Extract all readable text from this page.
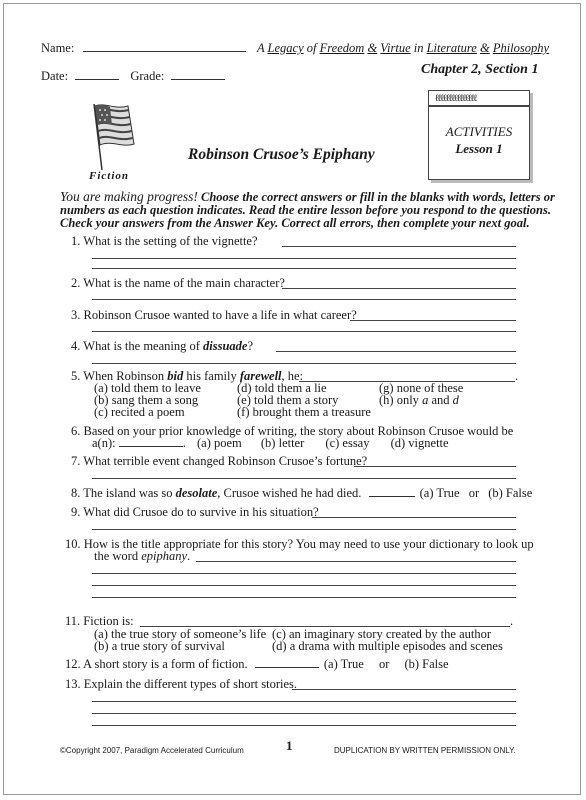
Name:	A Legacy of Freedom & Virtue in Literature & Philosophy
Date:	Grade:	Chapter 2, Section 1
ℓℓℓℓℓℓℓℓℓℓℓℓℓℓℓ
ACTIVITIES
Lesson 1
Fiction
Robinson Crusoe’s Epiphany
You are making progress! Choose the correct answers or fill in the blanks with words, letters or
numbers as each question indicates. Read the entire lesson before you respond to the questions.
Check your answers from the Answer Key. Correct all errors, then complete your next goal.
1. What is the setting of the vignette?
2. What is the name of the main character?
3. Robinson Crusoe wanted to have a life in what career?
4. What is the meaning of dissuade?
5. When Robinson bid his family farewell, he:	.
(a) told them to leave
(b) sang them a song
(c) recited a poem
(d) told them a lie
(e) told them a story
(f) brought them a treasure
(g) none of these
(h) only a and d
6. Based on your prior knowledge of writing, the story about Robinson Crusoe would be
a(n):	. (a) poem (b) letter (c) essay (d) vignette
7. What terrible event changed Robinson Crusoe’s fortune?
8. The island was so desolate, Crusoe wished he had died.	(a) True or (b) False
9. What did Crusoe do to survive in his situation?
10. How is the title appropriate for this story? You may need to use your dictionary to look up
the word epiphany.
11. Fiction is:	.
(a) the true story of someone’s life
(b) a true story of survival
(c) an imaginary story created by the author
(d) a drama with multiple episodes and scenes
12. A short story is a form of fiction.	(a) True or (b) False
13. Explain the different types of short stories.
©Copyright 2007, Paradigm Accelerated Curriculum	1	DUPLICATION BY WRITTEN PERMISSION ONLY.
